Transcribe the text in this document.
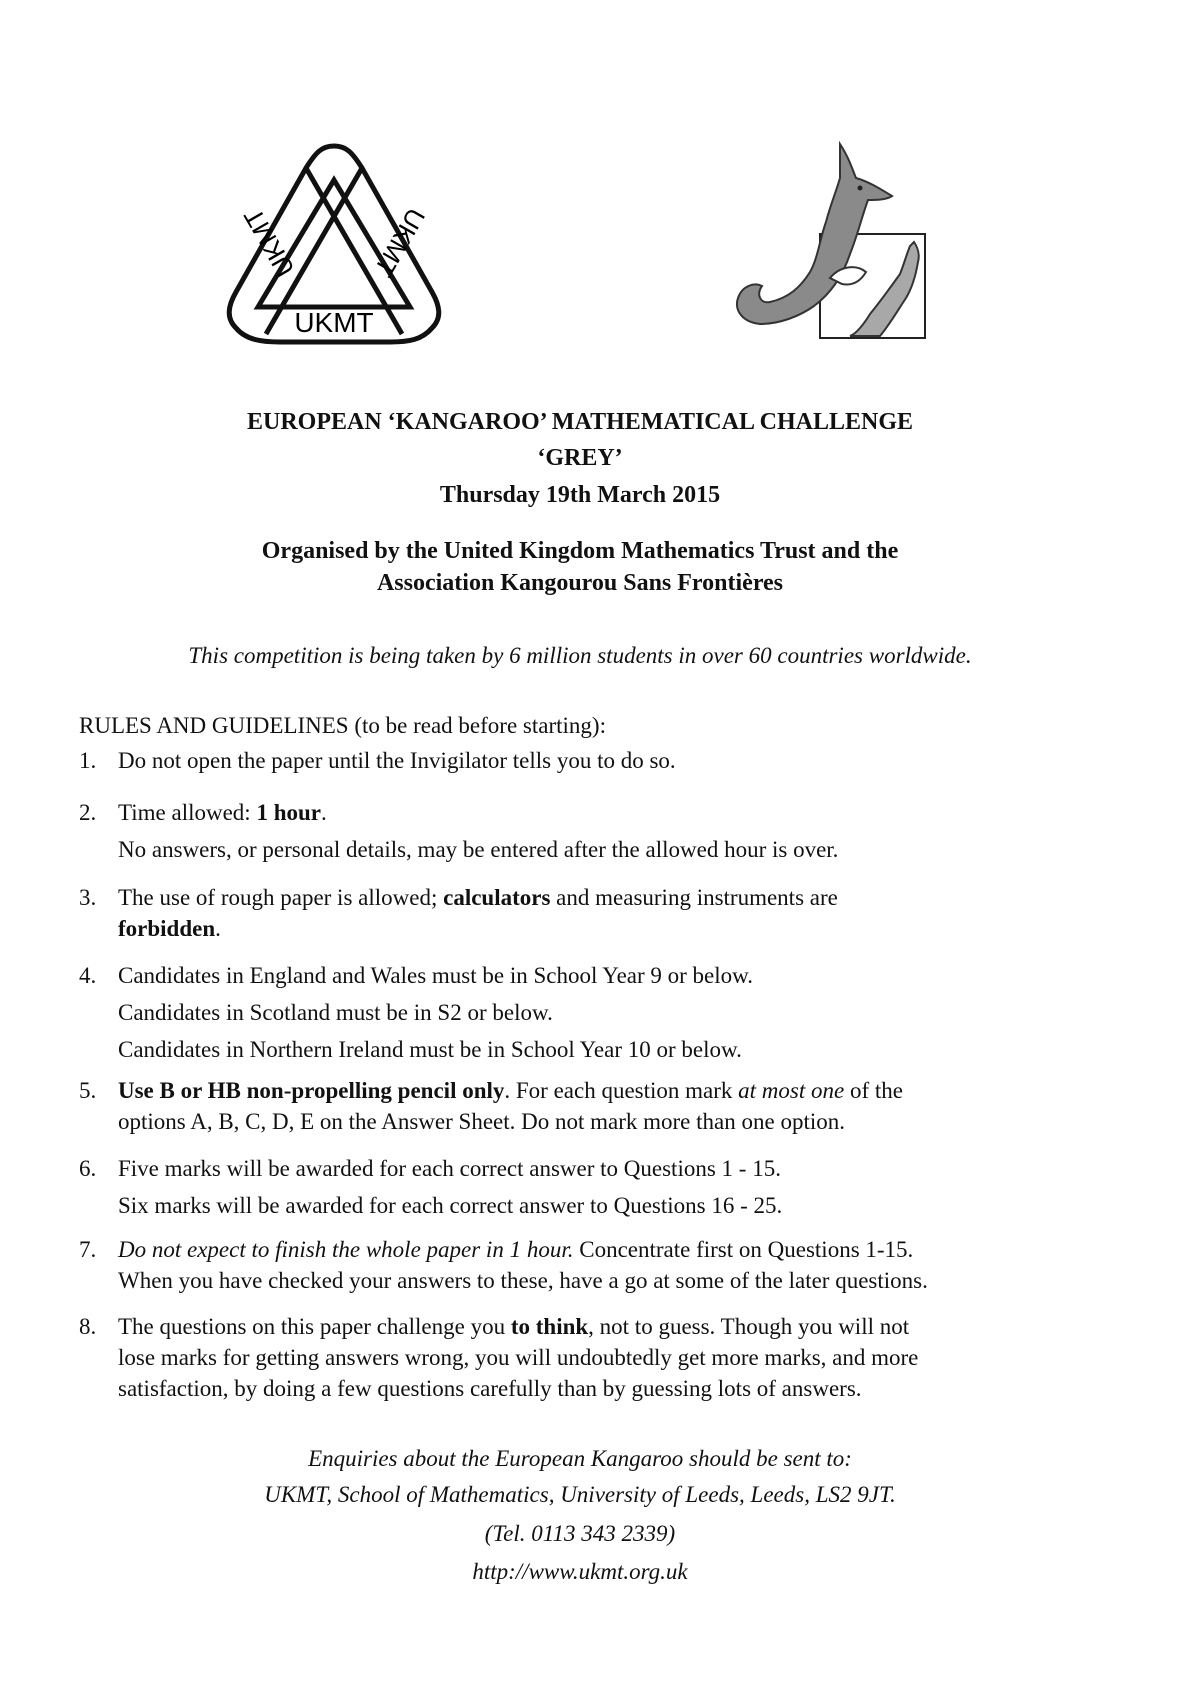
UKMT
UKMT	UKMT
EUROPEAN ‘KANGAROO’ MATHEMATICAL CHALLENGE
‘GREY’
Thursday 19th March 2015
Organised by the United Kingdom Mathematics Trust and the
Association Kangourou Sans Frontières
This competition is being taken by 6 million students in over 60 countries worldwide.
RULES AND GUIDELINES (to be read before starting):
1. Do not open the paper until the Invigilator tells you to do so.
2. Time allowed: 1 hour.
No answers, or personal details, may be entered after the allowed hour is over.
3. The use of rough paper is allowed; calculators and measuring instruments are
forbidden.
4. Candidates in England and Wales must be in School Year 9 or below.
Candidates in Scotland must be in S2 or below.
Candidates in Northern Ireland must be in School Year 10 or below.
5. Use B or HB non-propelling pencil only. For each question mark at most one of the
options A, B, C, D, E on the Answer Sheet. Do not mark more than one option.
6. Five marks will be awarded for each correct answer to Questions 1 - 15.
Six marks will be awarded for each correct answer to Questions 16 - 25.
7. Do not expect to finish the whole paper in 1 hour. Concentrate first on Questions 1-15.
When you have checked your answers to these, have a go at some of the later questions.
8. The questions on this paper challenge you to think, not to guess. Though you will not
lose marks for getting answers wrong, you will undoubtedly get more marks, and more
satisfaction, by doing a few questions carefully than by guessing lots of answers.
Enquiries about the European Kangaroo should be sent to:
UKMT, School of Mathematics, University of Leeds, Leeds, LS2 9JT.
(Tel. 0113 343 2339)
http://www.ukmt.org.uk
